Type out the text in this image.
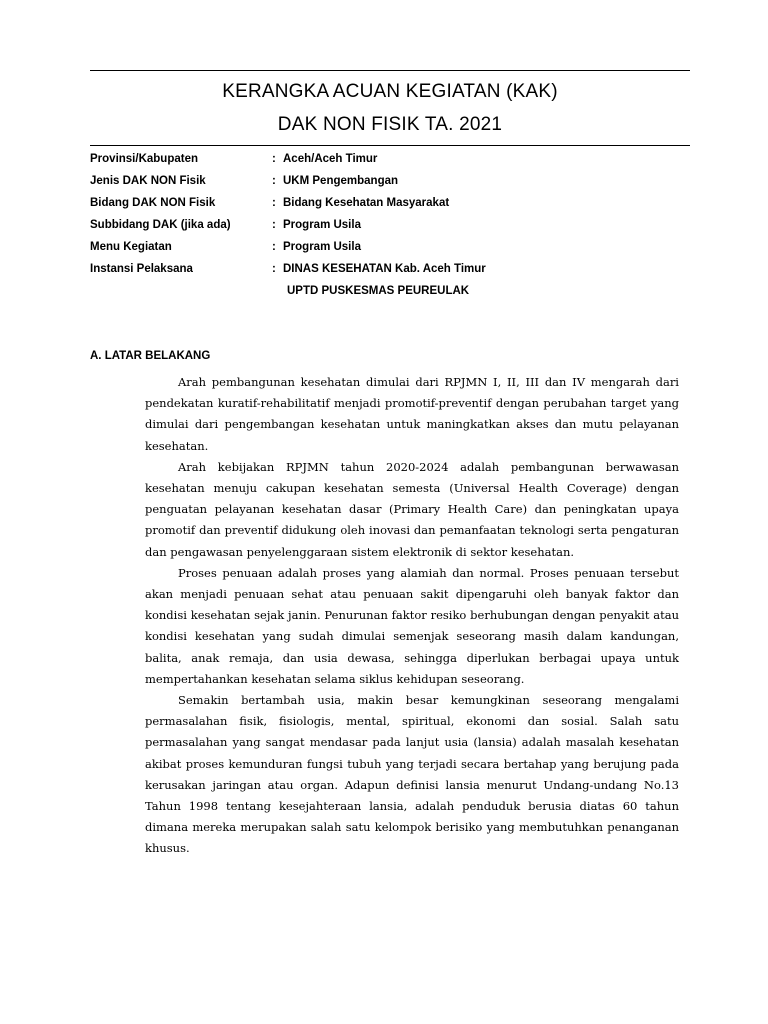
KERANGKA ACUAN KEGIATAN (KAK)
DAK NON FISIK TA. 2021
Provinsi/Kabupaten	: Aceh/Aceh Timur
Jenis DAK NON Fisik	: UKM Pengembangan
Bidang DAK NON Fisik	: Bidang Kesehatan Masyarakat
Subbidang DAK (jika ada)	: Program Usila
Menu Kegiatan	: Program Usila
Instansi Pelaksana	: DINAS KESEHATAN Kab. Aceh Timur
UPTD PUSKESMAS PEUREULAK
A. LATAR BELAKANG

Arah pembangunan kesehatan dimulai dari RPJMN I, II, III dan IV mengarah dari pendekatan kuratif-rehabilitatif menjadi promotif-preventif dengan perubahan target yang dimulai dari pengembangan kesehatan untuk maningkatkan akses dan mutu pelayanan kesehatan.

Arah kebijakan RPJMN tahun 2020-2024 adalah pembangunan berwawasan kesehatan menuju cakupan kesehatan semesta (Universal Health Coverage) dengan penguatan pelayanan kesehatan dasar (Primary Health Care) dan peningkatan upaya promotif dan preventif didukung oleh inovasi dan pemanfaatan teknologi serta pengaturan dan pengawasan penyelenggaraan sistem elektronik di sektor kesehatan.

Proses penuaan adalah proses yang alamiah dan normal. Proses penuaan tersebut akan menjadi penuaan sehat atau penuaan sakit dipengaruhi oleh banyak faktor dan kondisi kesehatan sejak janin. Penurunan faktor resiko berhubungan dengan penyakit atau kondisi kesehatan yang sudah dimulai semenjak seseorang masih dalam kandungan, balita, anak remaja, dan usia dewasa, sehingga diperlukan berbagai upaya untuk mempertahankan kesehatan selama siklus kehidupan seseorang.

Semakin bertambah usia, makin besar kemungkinan seseorang mengalami permasalahan fisik, fisiologis, mental, spiritual, ekonomi dan sosial. Salah satu permasalahan yang sangat mendasar pada lanjut usia (lansia) adalah masalah kesehatan akibat proses kemunduran fungsi tubuh yang terjadi secara bertahap yang berujung pada kerusakan jaringan atau organ. Adapun definisi lansia menurut Undang-undang No.13 Tahun 1998 tentang kesejahteraan lansia, adalah penduduk berusia diatas 60 tahun dimana mereka merupakan salah satu kelompok berisiko yang membutuhkan penanganan khusus.
